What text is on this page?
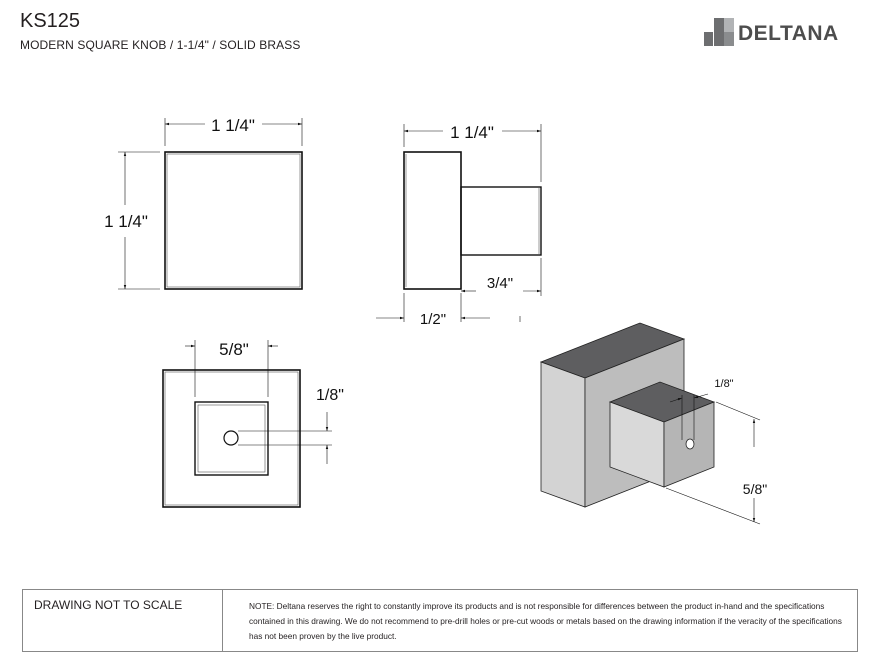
KS125
MODERN SQUARE KNOB / 1-1/4" / SOLID BRASS	DELTANA
1 1/4"
1 1/4"
1 1/4"
3/4"
1/2"
5/8"
1/8"
1/8"
5/8"
DRAWING NOT TO SCALE	NOTE: Deltana reserves the right to constantly improve its products and is not responsible for differences between the product in-hand and the specifications contained in this drawing. We do not recommend to pre-drill holes or pre-cut woods or metals based on the drawing information if the veracity of the specifications has not been proven by the live product.
